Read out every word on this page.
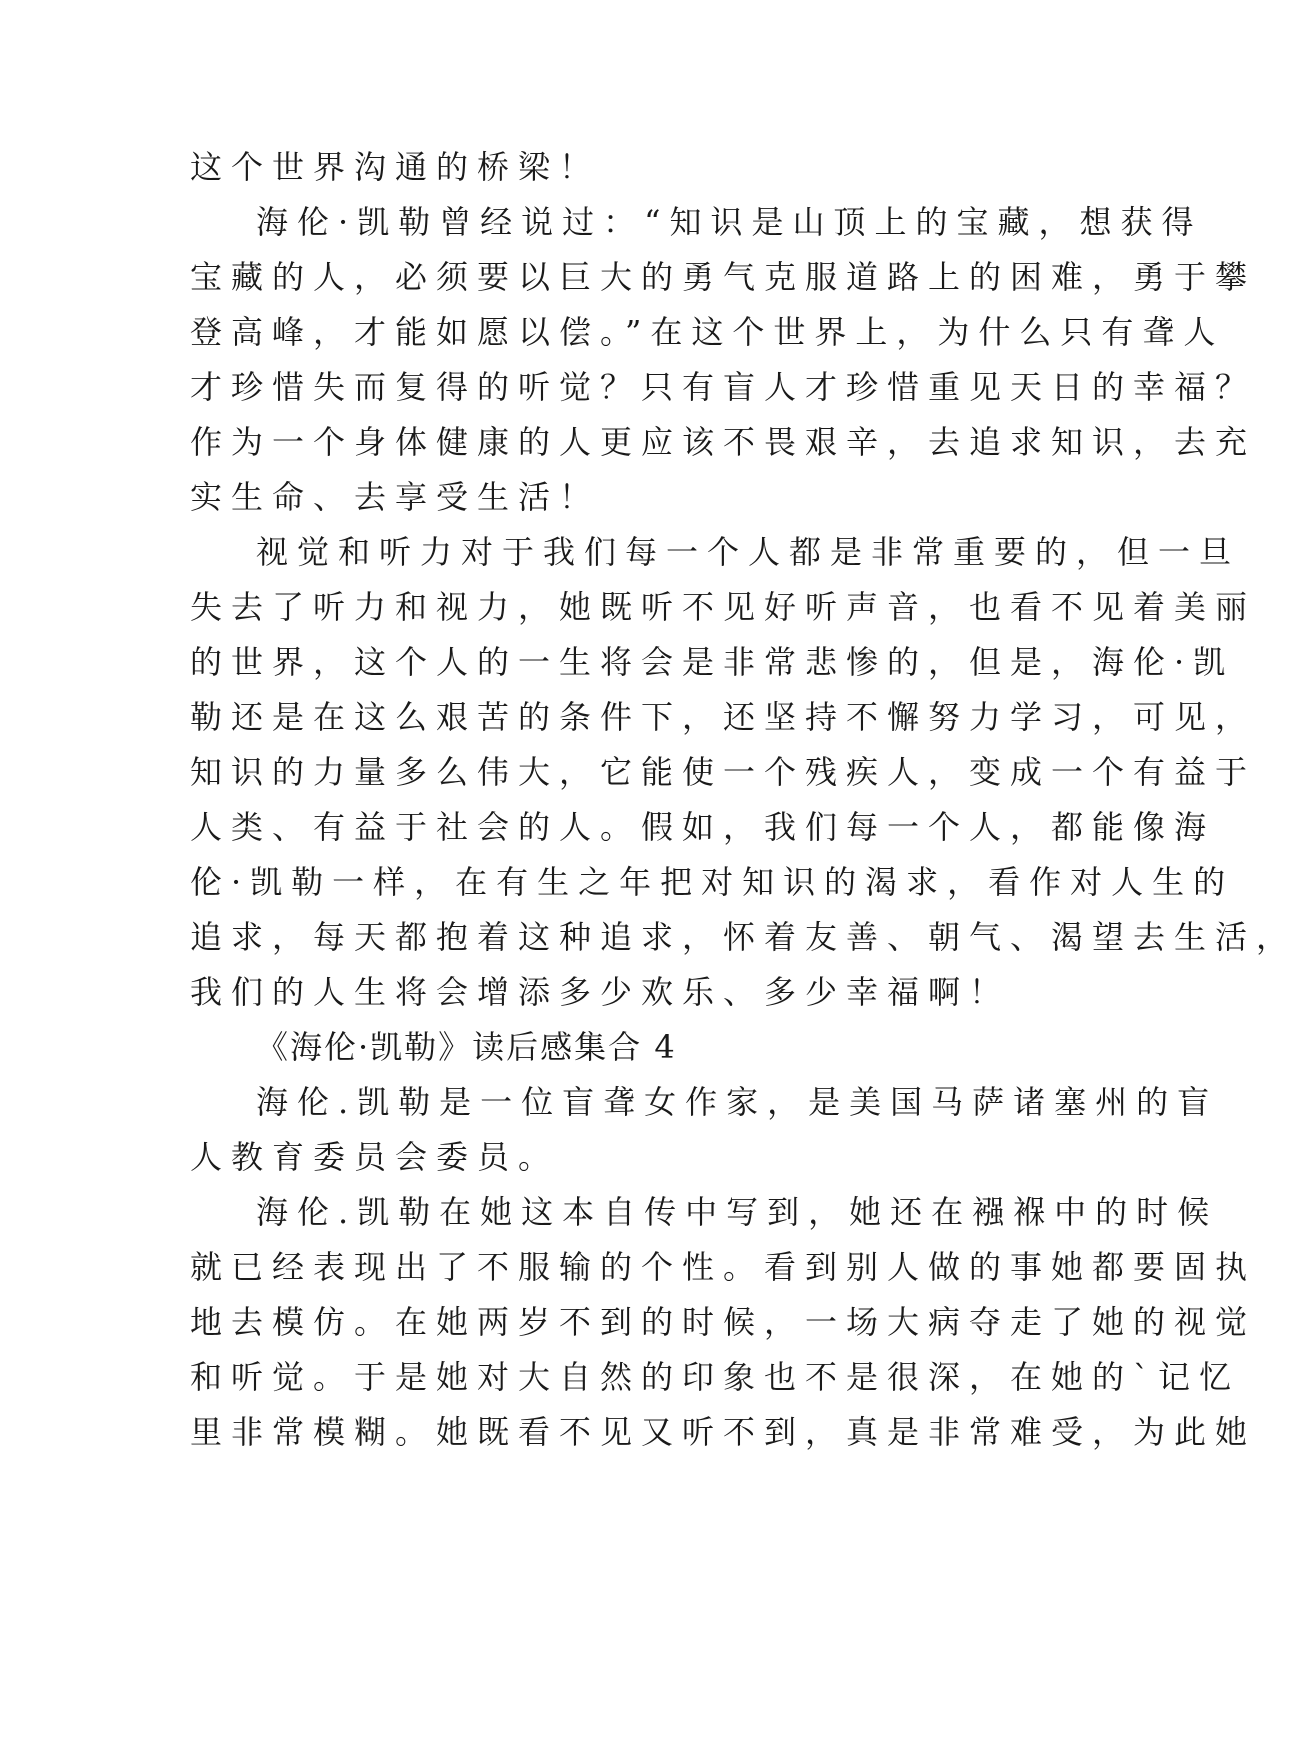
这个世界沟通的桥梁！
海伦·凯勒曾经说过：“知识是山顶上的宝藏，想获得
宝藏的人，必须要以巨大的勇气克服道路上的困难，勇于攀
登高峰，才能如愿以偿。”在这个世界上，为什么只有聋人
才珍惜失而复得的听觉？只有盲人才珍惜重见天日的幸福？
作为一个身体健康的人更应该不畏艰辛，去追求知识，去充
实生命、去享受生活！
视觉和听力对于我们每一个人都是非常重要的，但一旦
失去了听力和视力，她既听不见好听声音，也看不见着美丽
的世界，这个人的一生将会是非常悲惨的，但是，海伦·凯
勒还是在这么艰苦的条件下，还坚持不懈努力学习，可见，
知识的力量多么伟大，它能使一个残疾人，变成一个有益于
人类、有益于社会的人。假如，我们每一个人，都能像海
伦·凯勒一样，在有生之年把对知识的渴求，看作对人生的
追求，每天都抱着这种追求，怀着友善、朝气、渴望去生活，
我们的人生将会增添多少欢乐、多少幸福啊！
《海伦·凯勒》读后感集合 4
海伦.凯勒是一位盲聋女作家，是美国马萨诸塞州的盲
人教育委员会委员。
海伦.凯勒在她这本自传中写到，她还在襁褓中的时候
就已经表现出了不服输的个性。看到别人做的事她都要固执
地去模仿。在她两岁不到的时候，一场大病夺走了她的视觉
和听觉。于是她对大自然的印象也不是很深，在她的`记忆
里非常模糊。她既看不见又听不到，真是非常难受，为此她
